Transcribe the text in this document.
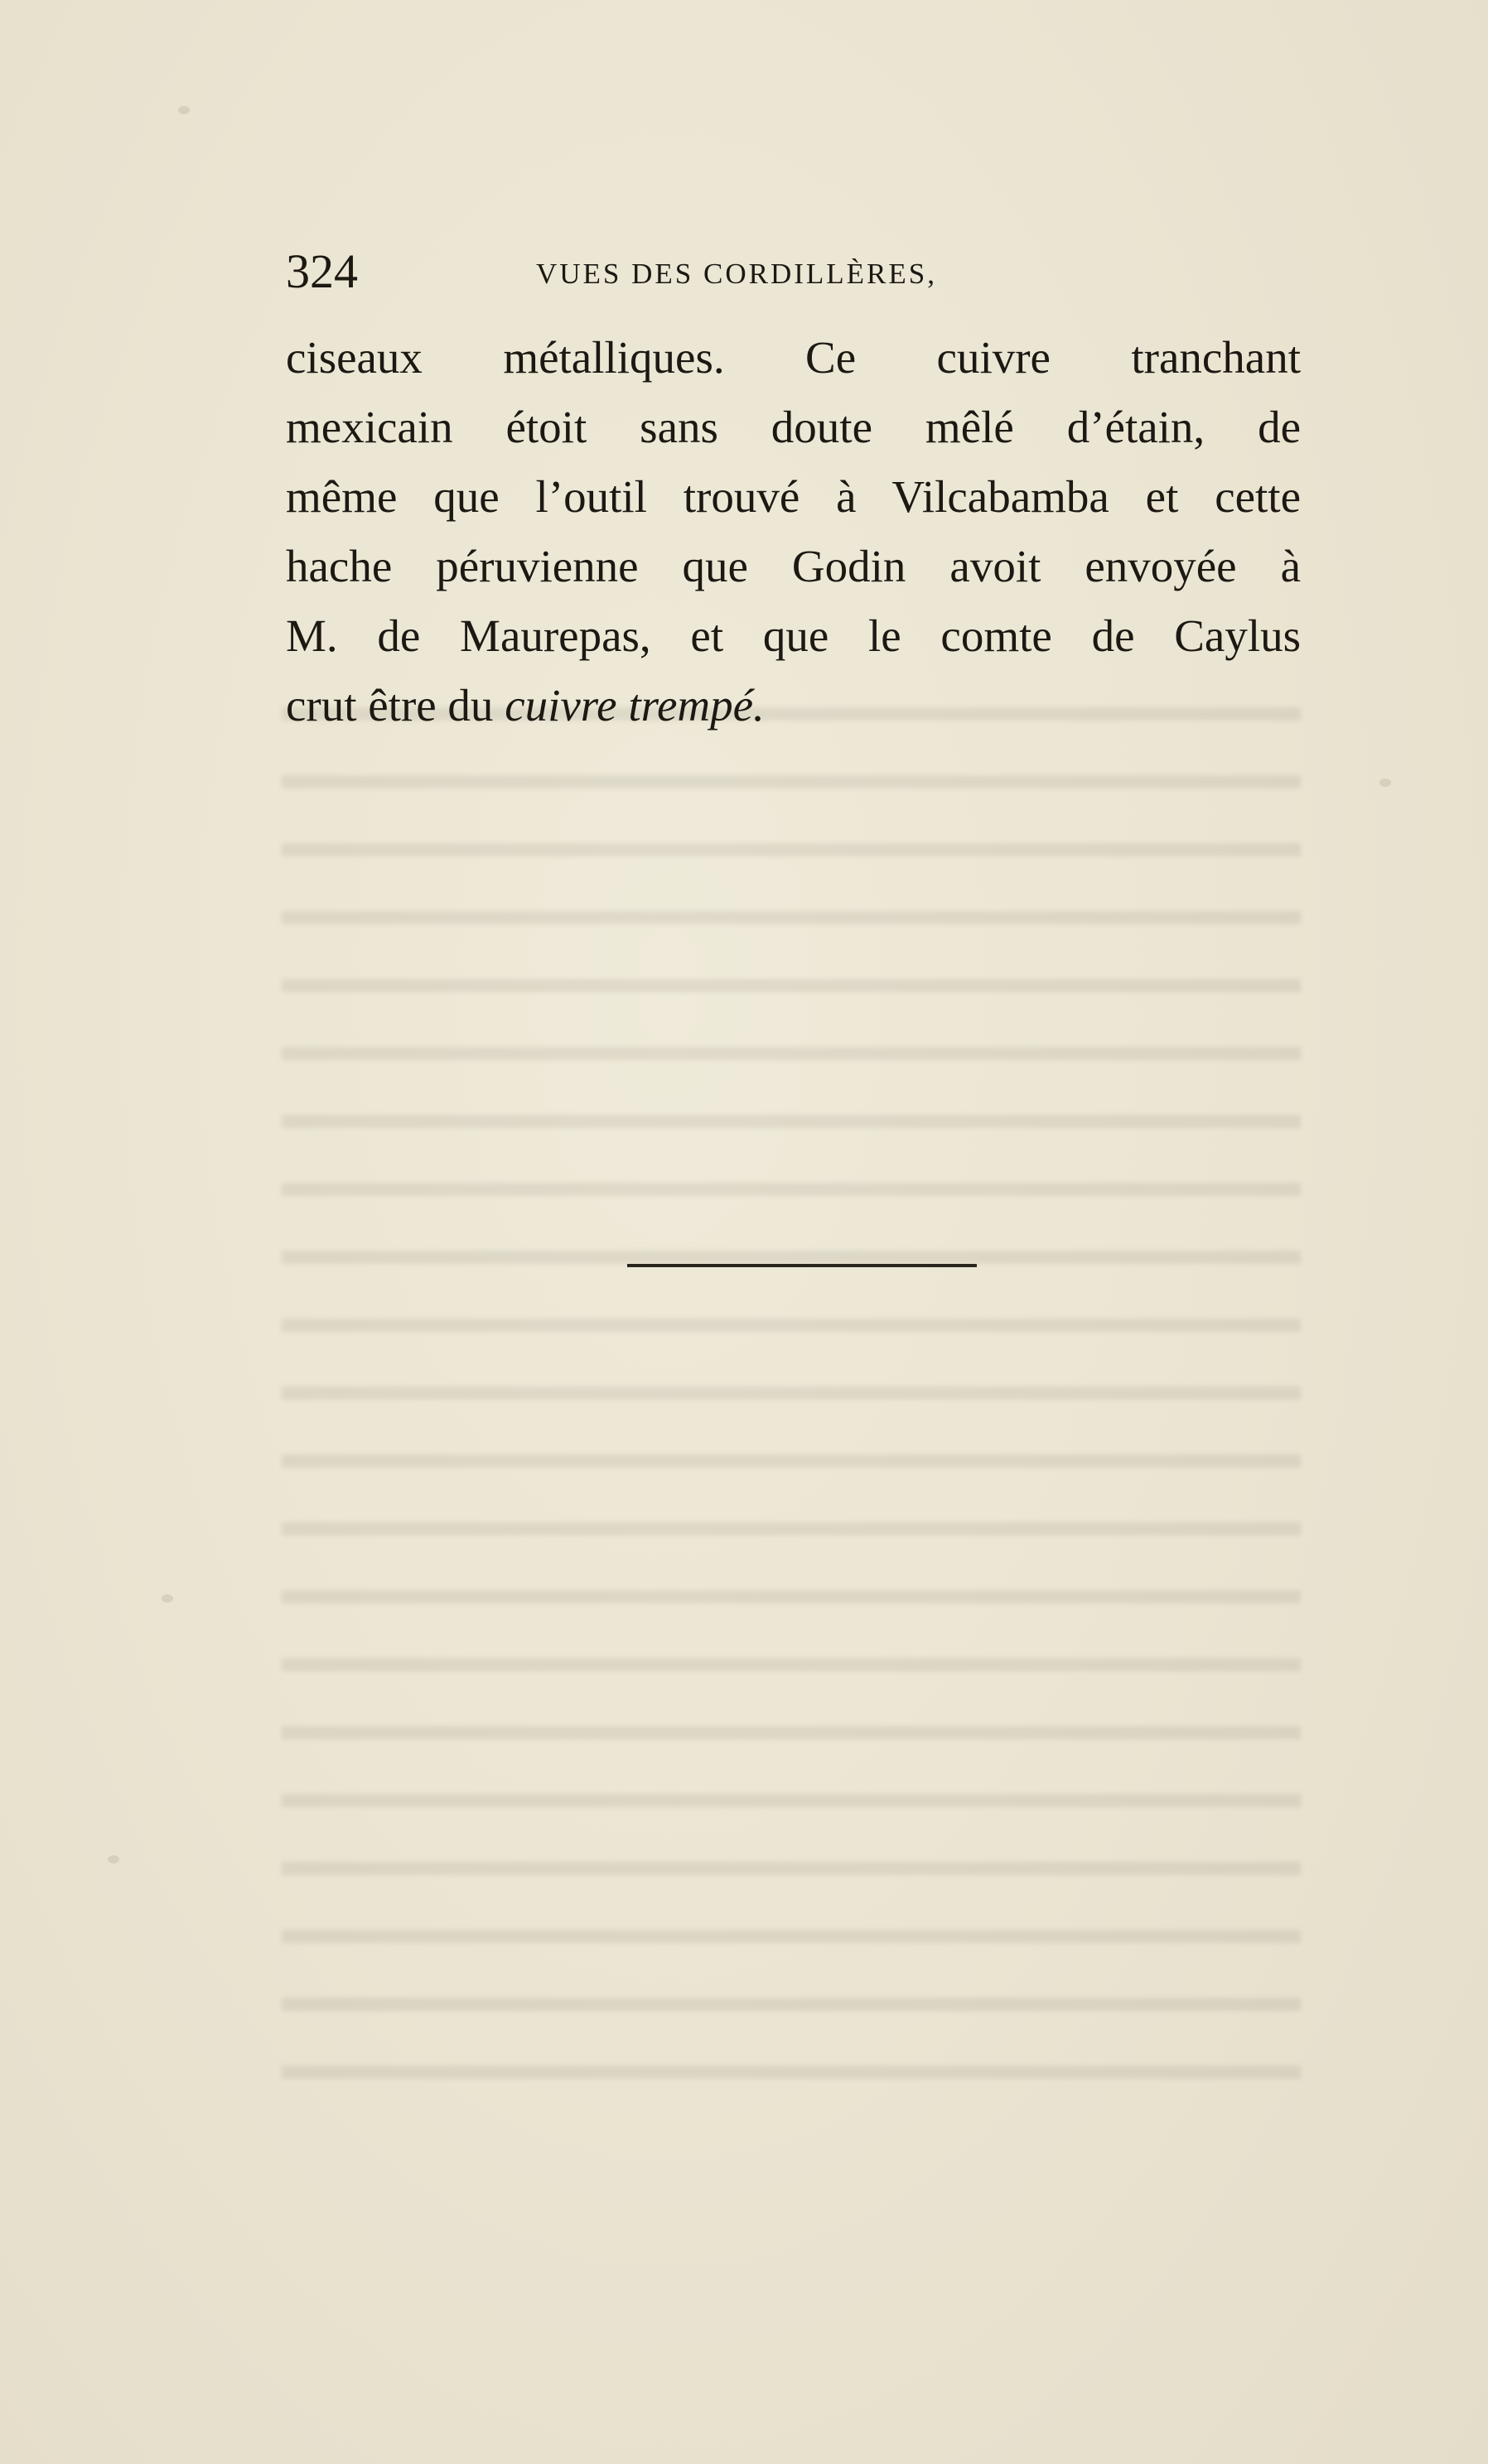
324	VUES DES CORDILLÈRES,
ciseaux métalliques. Ce cuivre tranchant
mexicain étoit sans doute mêlé d’étain, de
même que l’outil trouvé à Vilcabamba et cette
hache péruvienne que Godin avoit envoyée à
M. de Maurepas, et que le comte de Caylus
crut être du cuivre trempé.
